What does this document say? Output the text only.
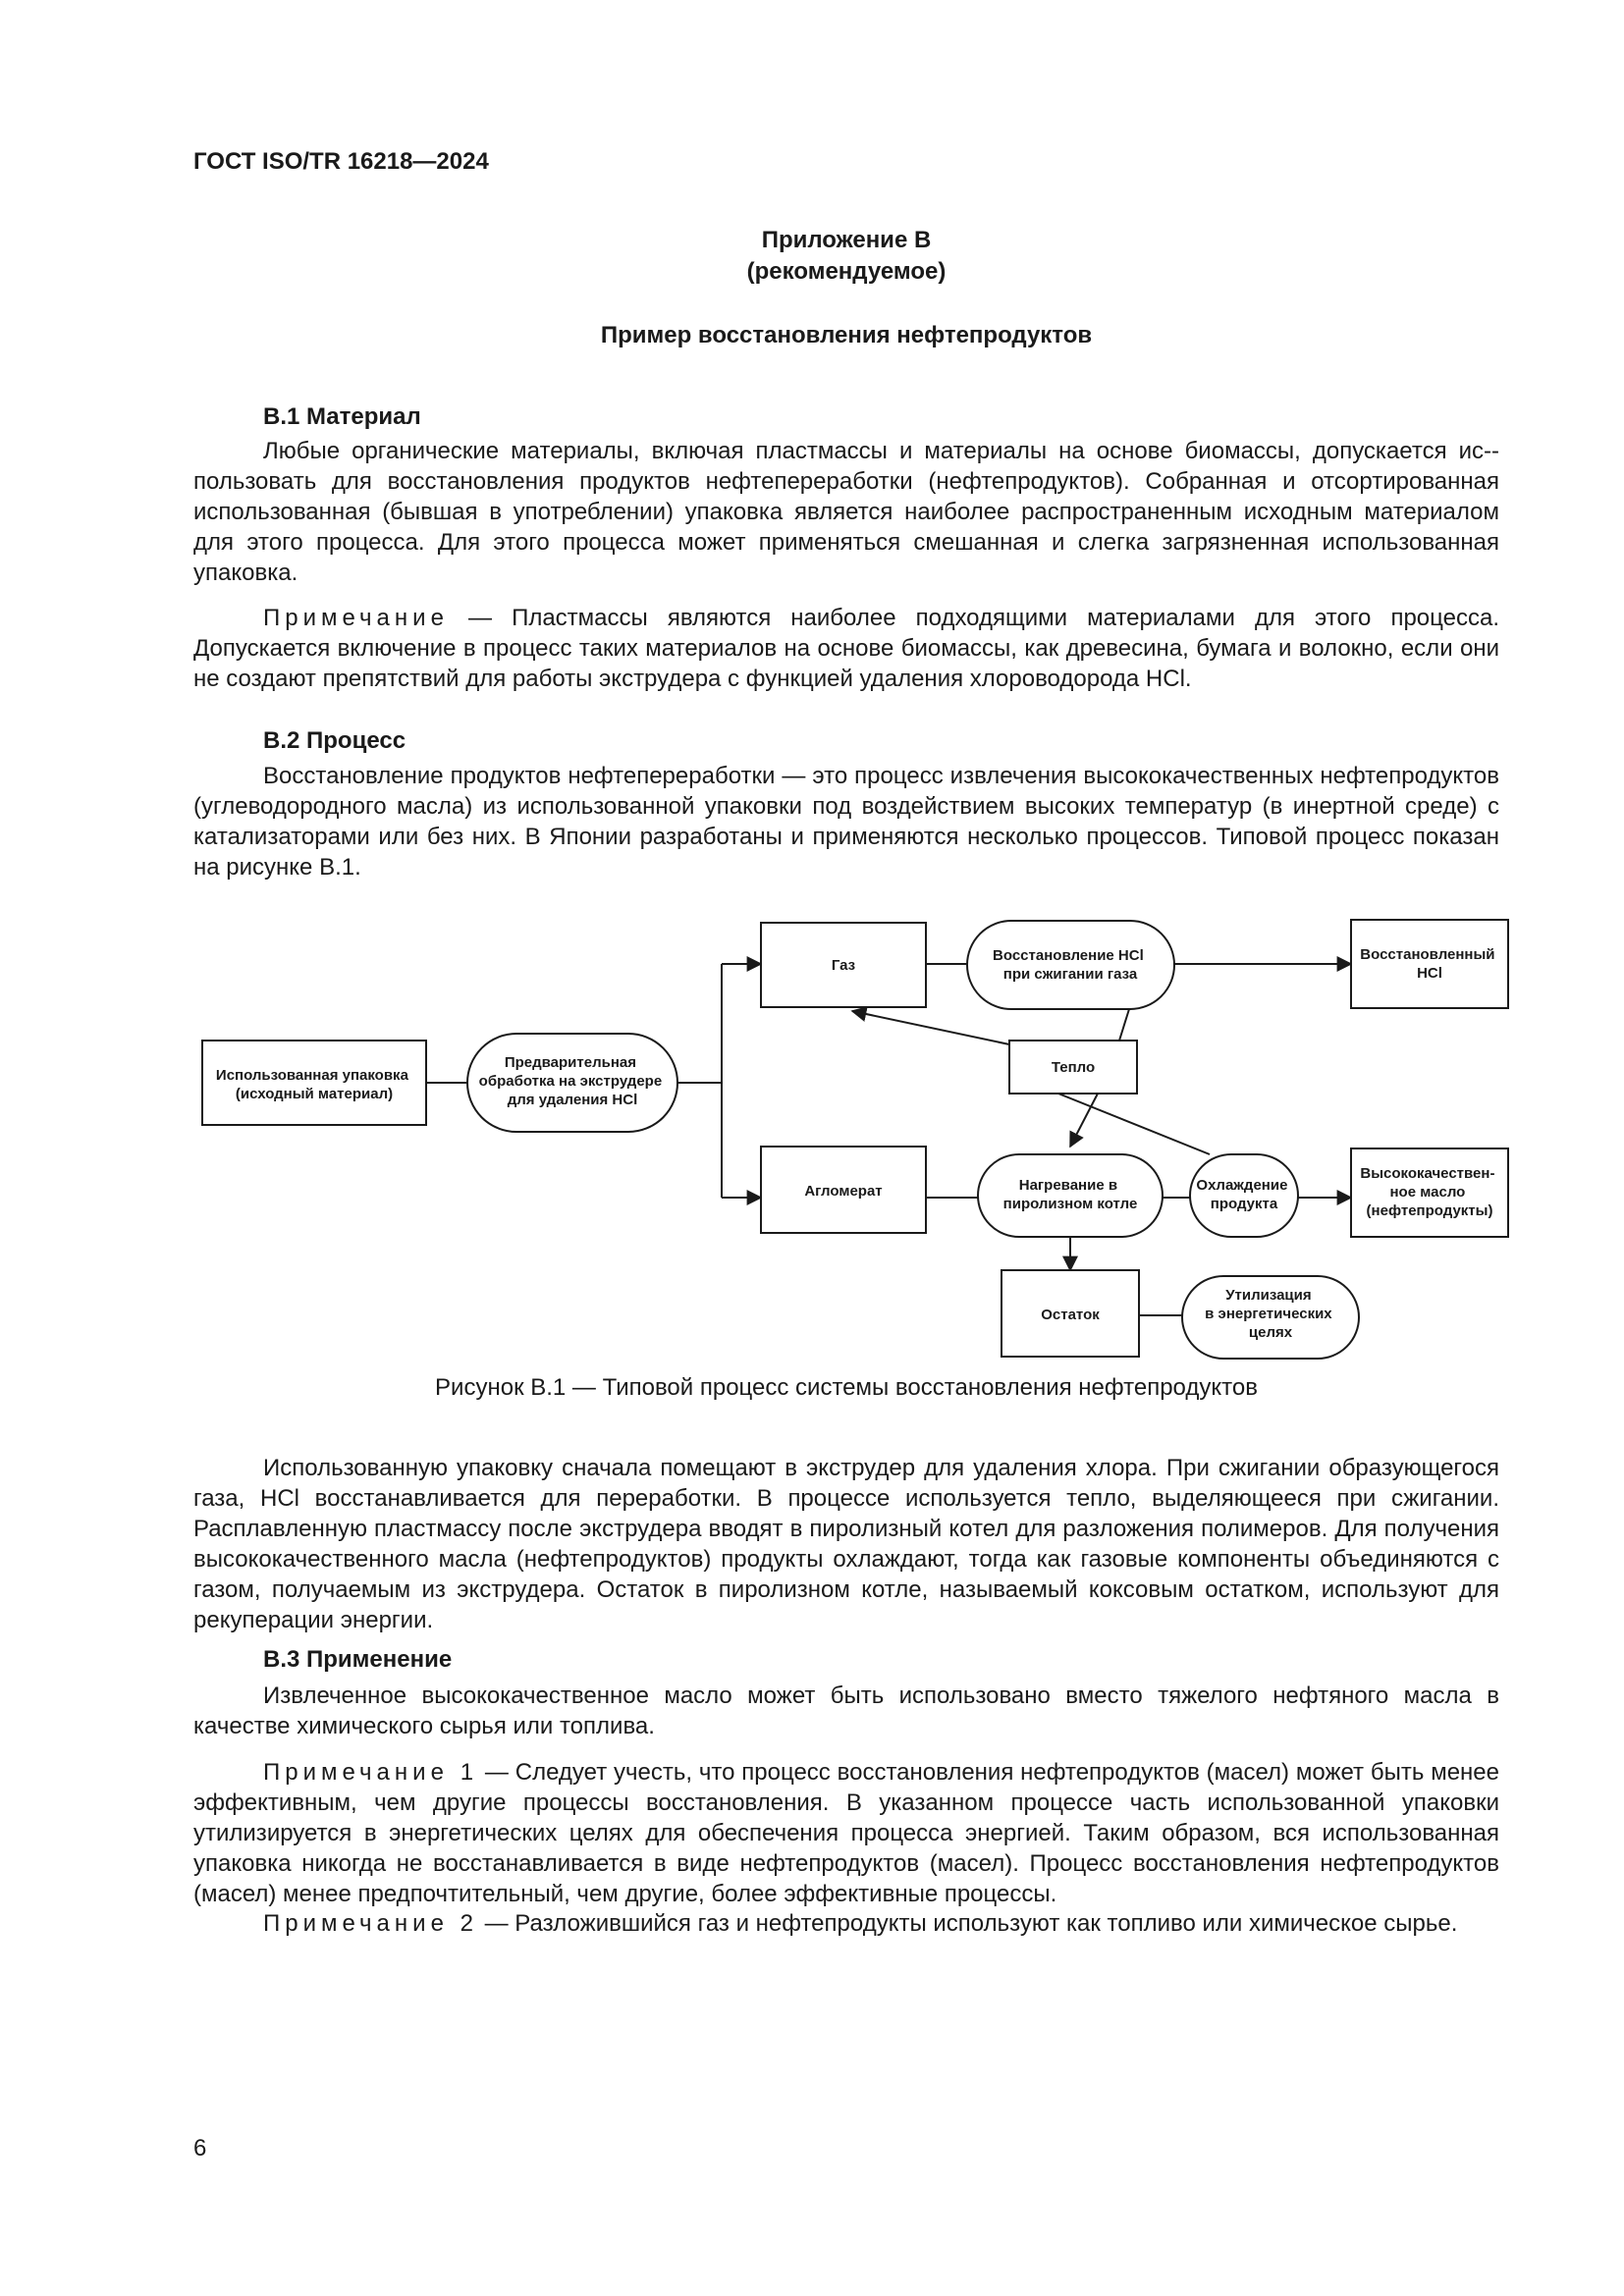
ГОСТ ISO/TR 16218—2024
Приложение В
(рекомендуемое)
Пример восстановления нефтепродуктов
В.1 Материал
Любые органические материалы, включая пластмассы и материалы на основе биомассы, допускается ис-пользовать для восстановления продуктов нефтепереработки (нефтепродуктов). Собранная и отсортированная использованная (бывшая в употреблении) упаковка является наиболее распространенным исходным материалом для этого процесса. Для этого процесса может применяться смешанная и слегка загрязненная использованная упаковка.
Примечание — Пластмассы являются наиболее подходящими материалами для этого процесса. Допускается включение в процесс таких материалов на основе биомассы, как древесина, бумага и волокно, если они не создают препятствий для работы экструдера с функцией удаления хлороводорода HCl.
В.2 Процесс
Восстановление продуктов нефтепереработки — это процесс извлечения высококачественных нефтепродуктов (углеводородного масла) из использованной упаковки под воздействием высоких температур (в инертной среде) с катализаторами или без них. В Японии разработаны и применяются несколько процессов. Типовой процесс показан на рисунке В.1.
Использованная упаковка (исходный материал)
Предварительная обработка на экструдере для удаления HCl
Газ
Восстановление HCl при сжигании газа
Восстановленный HCl
Тепло
Агломерат	Нагревание в пиролизном котле
Охлаждение продукта
Высококачествен- ное масло (нефтепродукты)
Остаток
Утилизация в энергетических целях
Рисунок В.1 — Типовой процесс системы восстановления нефтепродуктов
Использованную упаковку сначала помещают в экструдер для удаления хлора. При сжигании образующегося газа, HCl восстанавливается для переработки. В процессе используется тепло, выделяющееся при сжигании. Расплавленную пластмассу после экструдера вводят в пиролизный котел для разложения полимеров. Для получения высококачественного масла (нефтепродуктов) продукты охлаждают, тогда как газовые компоненты объединяются с газом, получаемым из экструдера. Остаток в пиролизном котле, называемый коксовым остатком, используют для рекуперации энергии.
В.3 Применение
Извлеченное высококачественное масло может быть использовано вместо тяжелого нефтяного масла в качестве химического сырья или топлива.
Примечание 1 — Следует учесть, что процесс восстановления нефтепродуктов (масел) может быть менее эффективным, чем другие процессы восстановления. В указанном процессе часть использованной упаковки утилизируется в энергетических целях для обеспечения процесса энергией. Таким образом, вся использованная упаковка никогда не восстанавливается в виде нефтепродуктов (масел). Процесс восстановления нефтепродуктов (масел) менее предпочтительный, чем другие, более эффективные процессы.
Примечание 2 — Разложившийся газ и нефтепродукты используют как топливо или химическое сырье.
6
